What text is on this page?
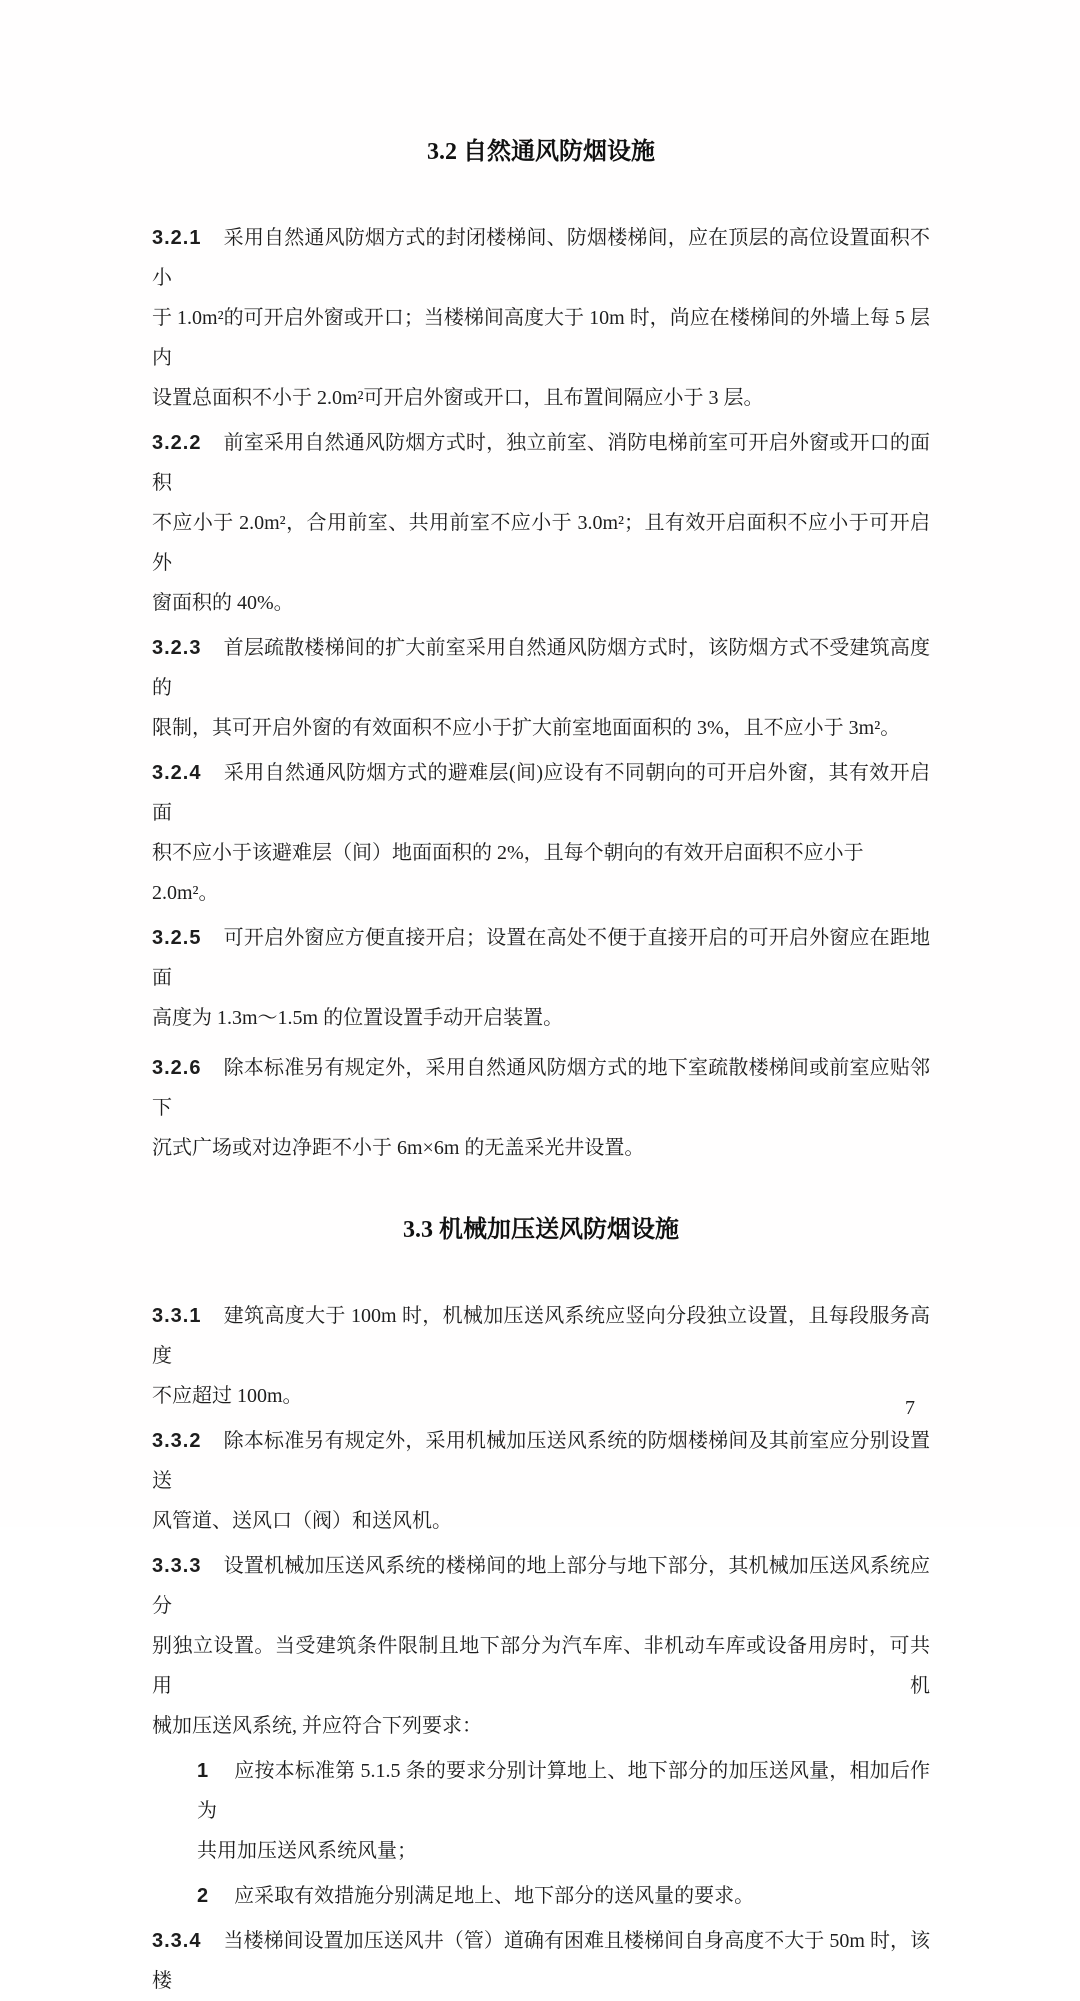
3.2 自然通风防烟设施
3.2.1 采用自然通风防烟方式的封闭楼梯间、防烟楼梯间，应在顶层的高位设置面积不小
于 1.0m²的可开启外窗或开口；当楼梯间高度大于 10m 时，尚应在楼梯间的外墙上每 5 层内
设置总面积不小于 2.0m²可开启外窗或开口，且布置间隔应小于 3 层。
3.2.2 前室采用自然通风防烟方式时，独立前室、消防电梯前室可开启外窗或开口的面积
不应小于 2.0m²，合用前室、共用前室不应小于 3.0m²；且有效开启面积不应小于可开启外
窗面积的 40%。
3.2.3 首层疏散楼梯间的扩大前室采用自然通风防烟方式时，该防烟方式不受建筑高度的
限制，其可开启外窗的有效面积不应小于扩大前室地面面积的 3%，且不应小于 3m²。
3.2.4 采用自然通风防烟方式的避难层(间)应设有不同朝向的可开启外窗，其有效开启面
积不应小于该避难层（间）地面面积的 2%，且每个朝向的有效开启面积不应小于 2.0m²。
3.2.5 可开启外窗应方便直接开启；设置在高处不便于直接开启的可开启外窗应在距地面
高度为 1.3m～1.5m 的位置设置手动开启装置。
3.2.6 除本标准另有规定外，采用自然通风防烟方式的地下室疏散楼梯间或前室应贴邻下
沉式广场或对边净距不小于 6m×6m 的无盖采光井设置。
3.3 机械加压送风防烟设施
3.3.1 建筑高度大于 100m 时，机械加压送风系统应竖向分段独立设置，且每段服务高度
不应超过 100m。
3.3.2 除本标准另有规定外，采用机械加压送风系统的防烟楼梯间及其前室应分别设置送
风管道、送风口（阀）和送风机。
3.3.3 设置机械加压送风系统的楼梯间的地上部分与地下部分，其机械加压送风系统应分
别独立设置。当受建筑条件限制且地下部分为汽车库、非机动车库或设备用房时，可共用机
械加压送风系统, 并应符合下列要求：
1 应按本标准第 5.1.5 条的要求分别计算地上、地下部分的加压送风量，相加后作为
共用加压送风系统风量；
2 应采取有效措施分别满足地上、地下部分的送风量的要求。
3.3.4 当楼梯间设置加压送风井（管）道确有困难且楼梯间自身高度不大于 50m 时，该楼
7
